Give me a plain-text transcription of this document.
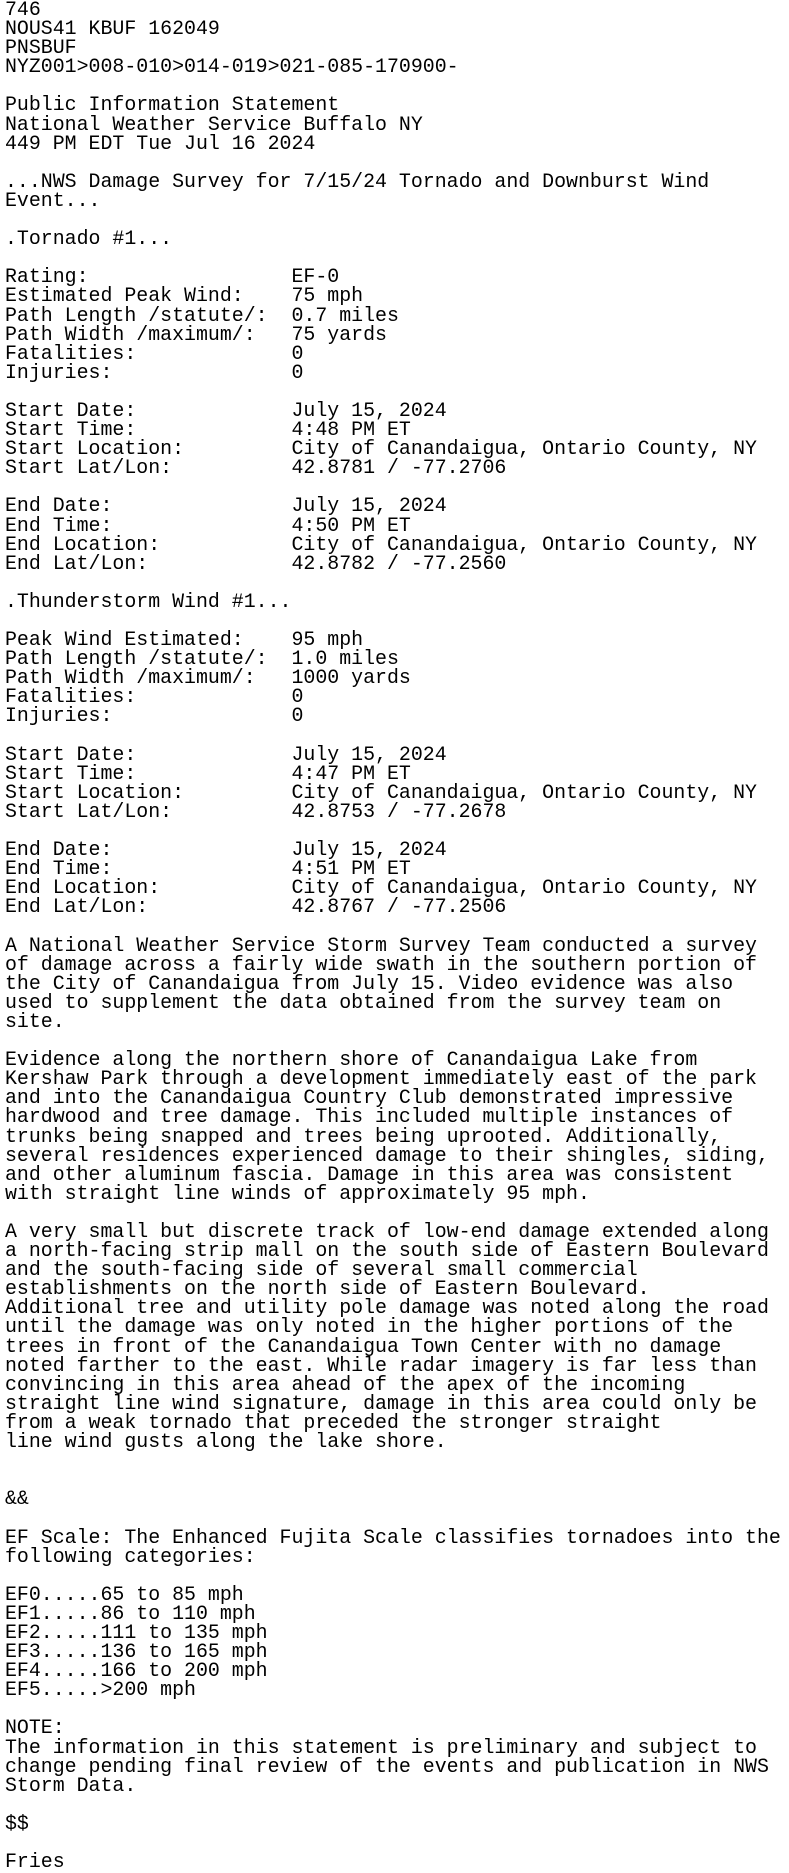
746
NOUS41 KBUF 162049
PNSBUF
NYZ001>008-010>014-019>021-085-170900-
Public Information Statement
National Weather Service Buffalo NY
449 PM EDT Tue Jul 16 2024
...NWS Damage Survey for 7/15/24 Tornado and Downburst Wind
Event...
.Tornado #1...
Rating:                 EF-0
Estimated Peak Wind:    75 mph
Path Length /statute/:  0.7 miles
Path Width /maximum/:   75 yards
Fatalities:             0
Injuries:               0
Start Date:             July 15, 2024
Start Time:             4:48 PM ET
Start Location:         City of Canandaigua, Ontario County, NY
Start Lat/Lon:          42.8781 / -77.2706
End Date:               July 15, 2024
End Time:               4:50 PM ET
End Location:           City of Canandaigua, Ontario County, NY
End Lat/Lon:            42.8782 / -77.2560
.Thunderstorm Wind #1...
Peak Wind Estimated:    95 mph
Path Length /statute/:  1.0 miles
Path Width /maximum/:   1000 yards
Fatalities:             0
Injuries:               0
Start Date:             July 15, 2024
Start Time:             4:47 PM ET
Start Location:         City of Canandaigua, Ontario County, NY
Start Lat/Lon:          42.8753 / -77.2678
End Date:               July 15, 2024
End Time:               4:51 PM ET
End Location:           City of Canandaigua, Ontario County, NY
End Lat/Lon:            42.8767 / -77.2506
A National Weather Service Storm Survey Team conducted a survey
of damage across a fairly wide swath in the southern portion of
the City of Canandaigua from July 15. Video evidence was also
used to supplement the data obtained from the survey team on
site.
Evidence along the northern shore of Canandaigua Lake from
Kershaw Park through a development immediately east of the park
and into the Canandaigua Country Club demonstrated impressive
hardwood and tree damage. This included multiple instances of
trunks being snapped and trees being uprooted. Additionally,
several residences experienced damage to their shingles, siding,
and other aluminum fascia. Damage in this area was consistent
with straight line winds of approximately 95 mph.
A very small but discrete track of low-end damage extended along
a north-facing strip mall on the south side of Eastern Boulevard
and the south-facing side of several small commercial
establishments on the north side of Eastern Boulevard.
Additional tree and utility pole damage was noted along the road
until the damage was only noted in the higher portions of the
trees in front of the Canandaigua Town Center with no damage
noted farther to the east. While radar imagery is far less than
convincing in this area ahead of the apex of the incoming
straight line wind signature, damage in this area could only be
from a weak tornado that preceded the stronger straight
line wind gusts along the lake shore.
&&
EF Scale: The Enhanced Fujita Scale classifies tornadoes into the
following categories:
EF0.....65 to 85 mph
EF1.....86 to 110 mph
EF2.....111 to 135 mph
EF3.....136 to 165 mph
EF4.....166 to 200 mph
EF5.....>200 mph
NOTE:
The information in this statement is preliminary and subject to
change pending final review of the events and publication in NWS
Storm Data.
$$
Fries
